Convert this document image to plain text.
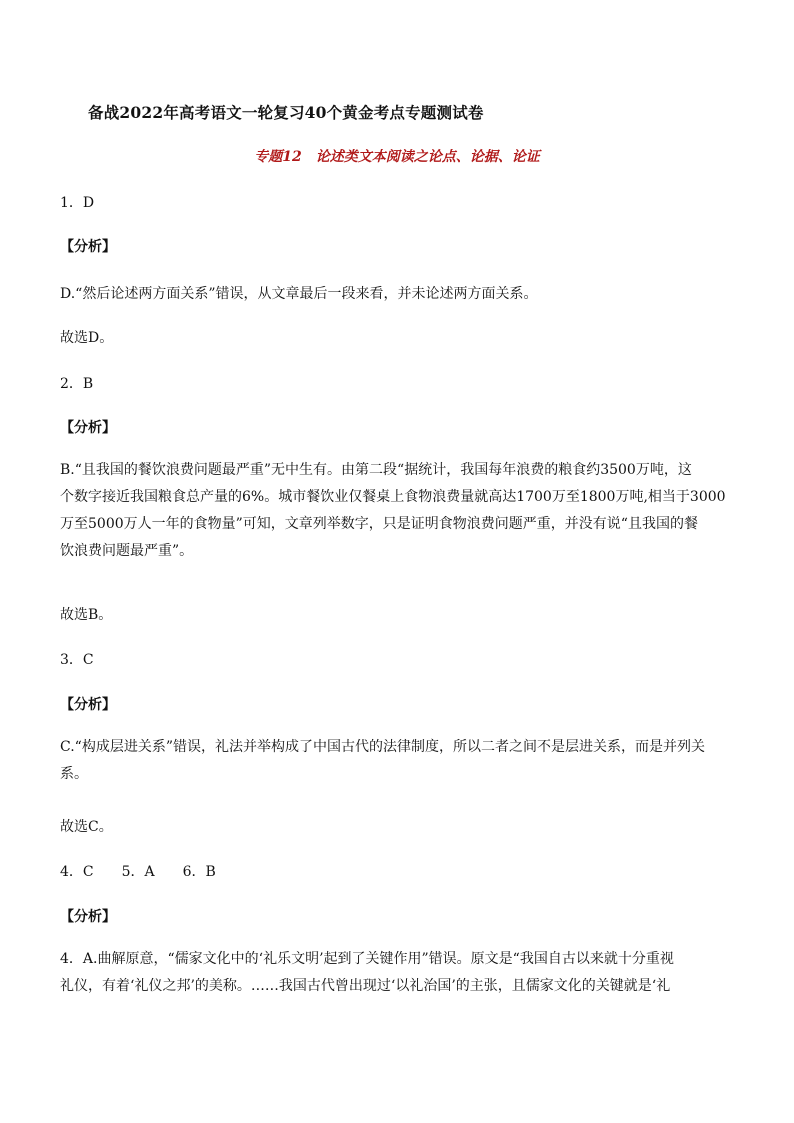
备战2022年高考语文一轮复习40个黄金考点专题测试卷
专题12　论述类文本阅读之论点、论据、论证
1．D
【分析】
D.“然后论述两方面关系”错误，从文章最后一段来看，并未论述两方面关系。
故选D。
2．B
【分析】

B.“且我国的餐饮浪费问题最严重”无中生有。由第二段“据统计，我国每年浪费的粮食约3500万吨，这

个数字接近我国粮食总产量的6%。城市餐饮业仅餐桌上食物浪费量就高达1700万至1800万吨,相当于3000

万至5000万人一年的食物量”可知，文章列举数字，只是证明食物浪费问题严重，并没有说“且我国的餐

饮浪费问题最严重”。

故选B。
3．C
【分析】

C.“构成层进关系”错误，礼法并举构成了中国古代的法律制度，所以二者之间不是层进关系，而是并列关

系。

故选C。
4．C　　5．A　　6．B
【分析】

4．A.曲解原意，“儒家文化中的‘礼乐文明’起到了关键作用”错误。原文是“我国自古以来就十分重视

礼仪，有着‘礼仪之邦’的美称。……我国古代曾出现过‘以礼治国’的主张，且儒家文化的关键就是‘礼
